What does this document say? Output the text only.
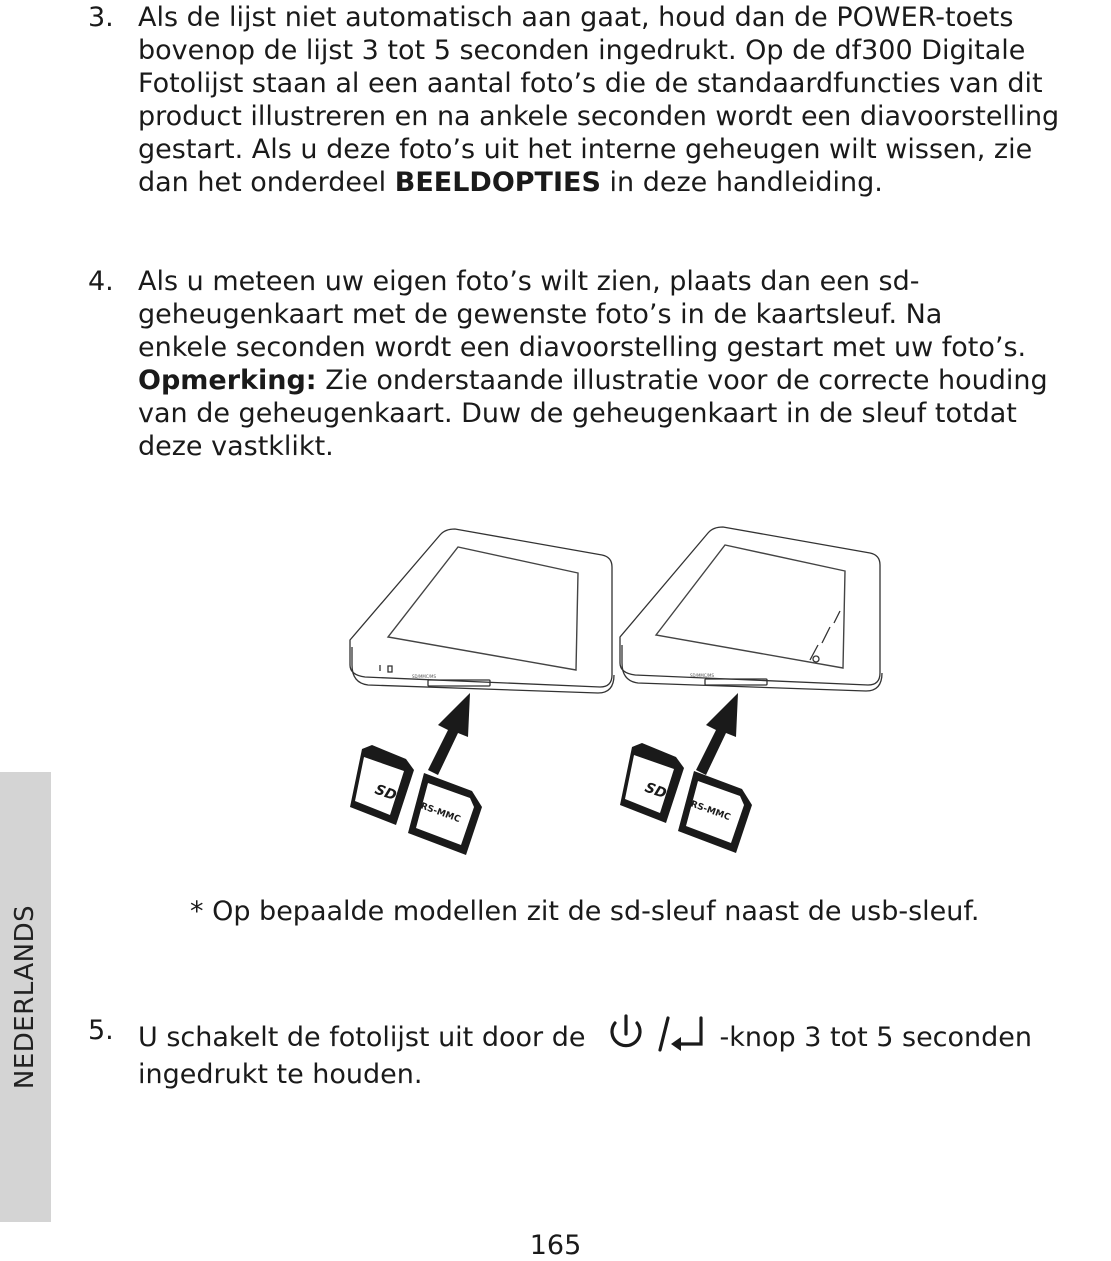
NEDERLANDS
3. Als de lijst niet automatisch aan gaat, houd dan de POWER-toets
bovenop de lijst 3 tot 5 seconden ingedrukt. Op de df300 Digitale
Fotolijst staan al een aantal foto’s die de standaardfuncties van dit
product illustreren en na ankele seconden wordt een diavoorstelling
gestart. Als u deze foto’s uit het interne geheugen wilt wissen, zie
dan het onderdeel BEELDOPTIES in deze handleiding.
4. Als u meteen uw eigen foto’s wilt zien, plaats dan een sd-
geheugenkaart met de gewenste foto’s in de kaartsleuf. Na
enkele seconden wordt een diavoorstelling gestart met uw foto’s.
Opmerking: Zie onderstaande illustratie voor de correcte houding
van de geheugenkaart. Duw de geheugenkaart in de sleuf totdat
deze vastklikt.
SD/MMC/MS	SD/MMC/MS
SD
RS-MMC
SD
RS-MMC
* Op bepaalde modellen zit de sd-sleuf naast de usb-sleuf.
5. U schakelt de fotolijst uit door de	-knop 3 tot 5 seconden
ingedrukt te houden.
165
